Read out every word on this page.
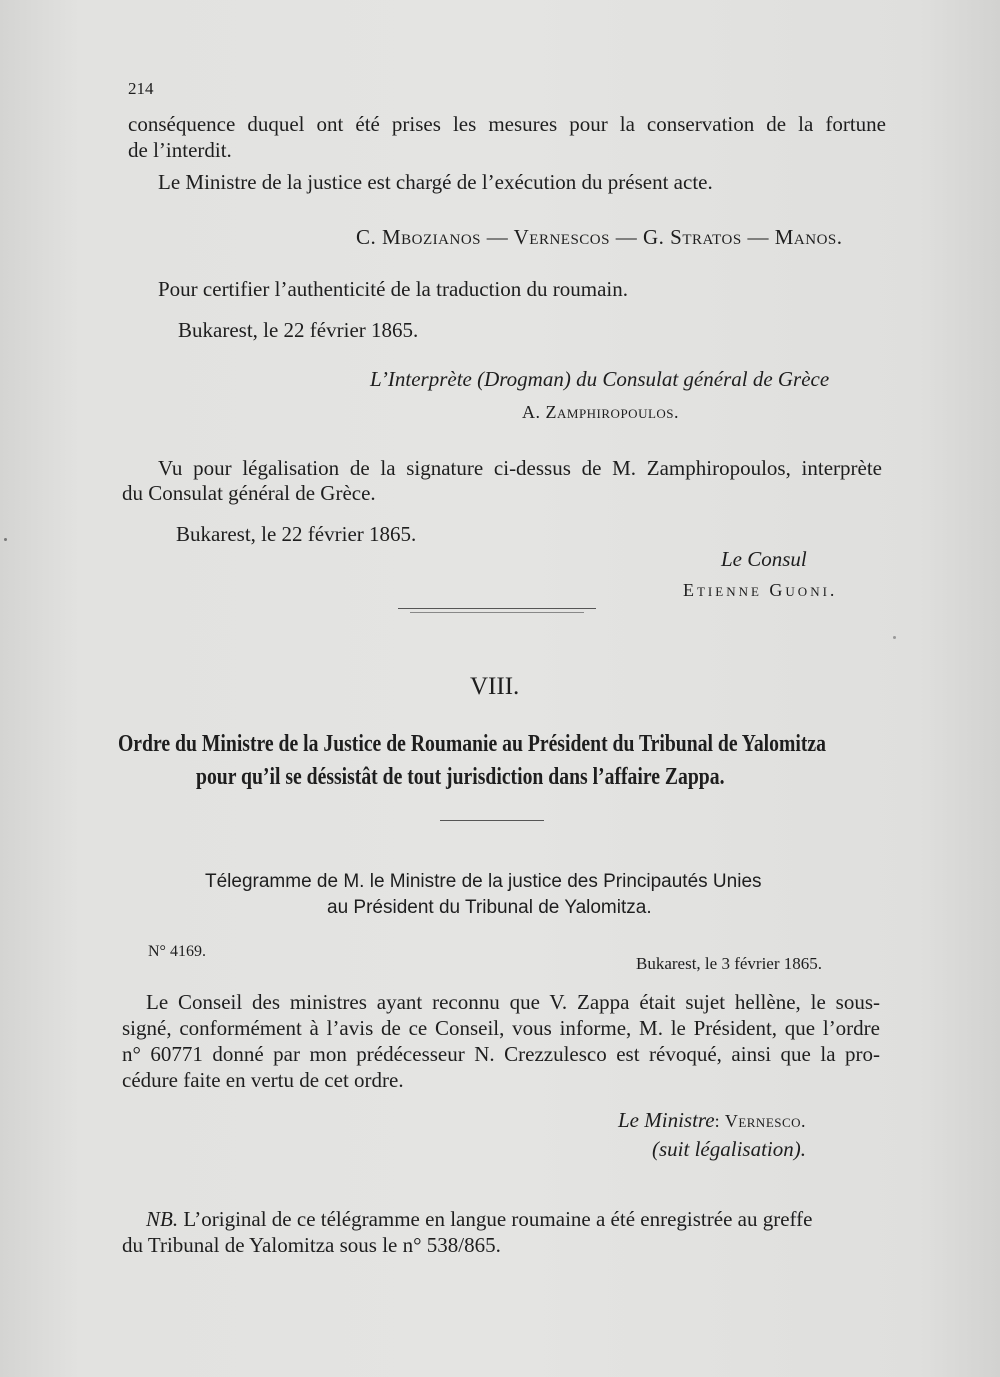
214
conséquence duquel ont été prises les mesures pour la conservation de la fortune
de l’interdit.
Le Ministre de la justice est chargé de l’exécution du présent acte.
C. Mbozianos — Vernescos — G. Stratos — Manos.
Pour certifier l’authenticité de la traduction du roumain.
Bukarest, le 22 février 1865.
L’Interprète (Drogman) du Consulat général de Grèce
A. Zamphiropoulos.
Vu pour légalisation de la signature ci-dessus de M. Zamphiropoulos, interprète
du Consulat général de Grèce.
Bukarest, le 22 février 1865.
Le Consul
Etienne Guoni.
VIII.
Ordre du Ministre de la Justice de Roumanie au Président du Tribunal de Yalomitza
pour qu’il se déssistât de tout jurisdiction dans l’affaire Zappa.
Télegramme de M. le Ministre de la justice des Principautés Unies
au Président du Tribunal de Yalomitza.
N° 4169.
Bukarest, le 3 février 1865.
Le Conseil des ministres ayant reconnu que V. Zappa était sujet hellène, le sous-
signé, conformément à l’avis de ce Conseil, vous informe, M. le Président, que l’ordre
n° 60771 donné par mon prédécesseur N. Crezzulesco est révoqué, ainsi que la pro-
cédure faite en vertu de cet ordre.
Le Ministre: Vernesco.
(suit légalisation).
NB. L’original de ce télégramme en langue roumaine a été enregistrée au greffe
du Tribunal de Yalomitza sous le n° 538/865.
